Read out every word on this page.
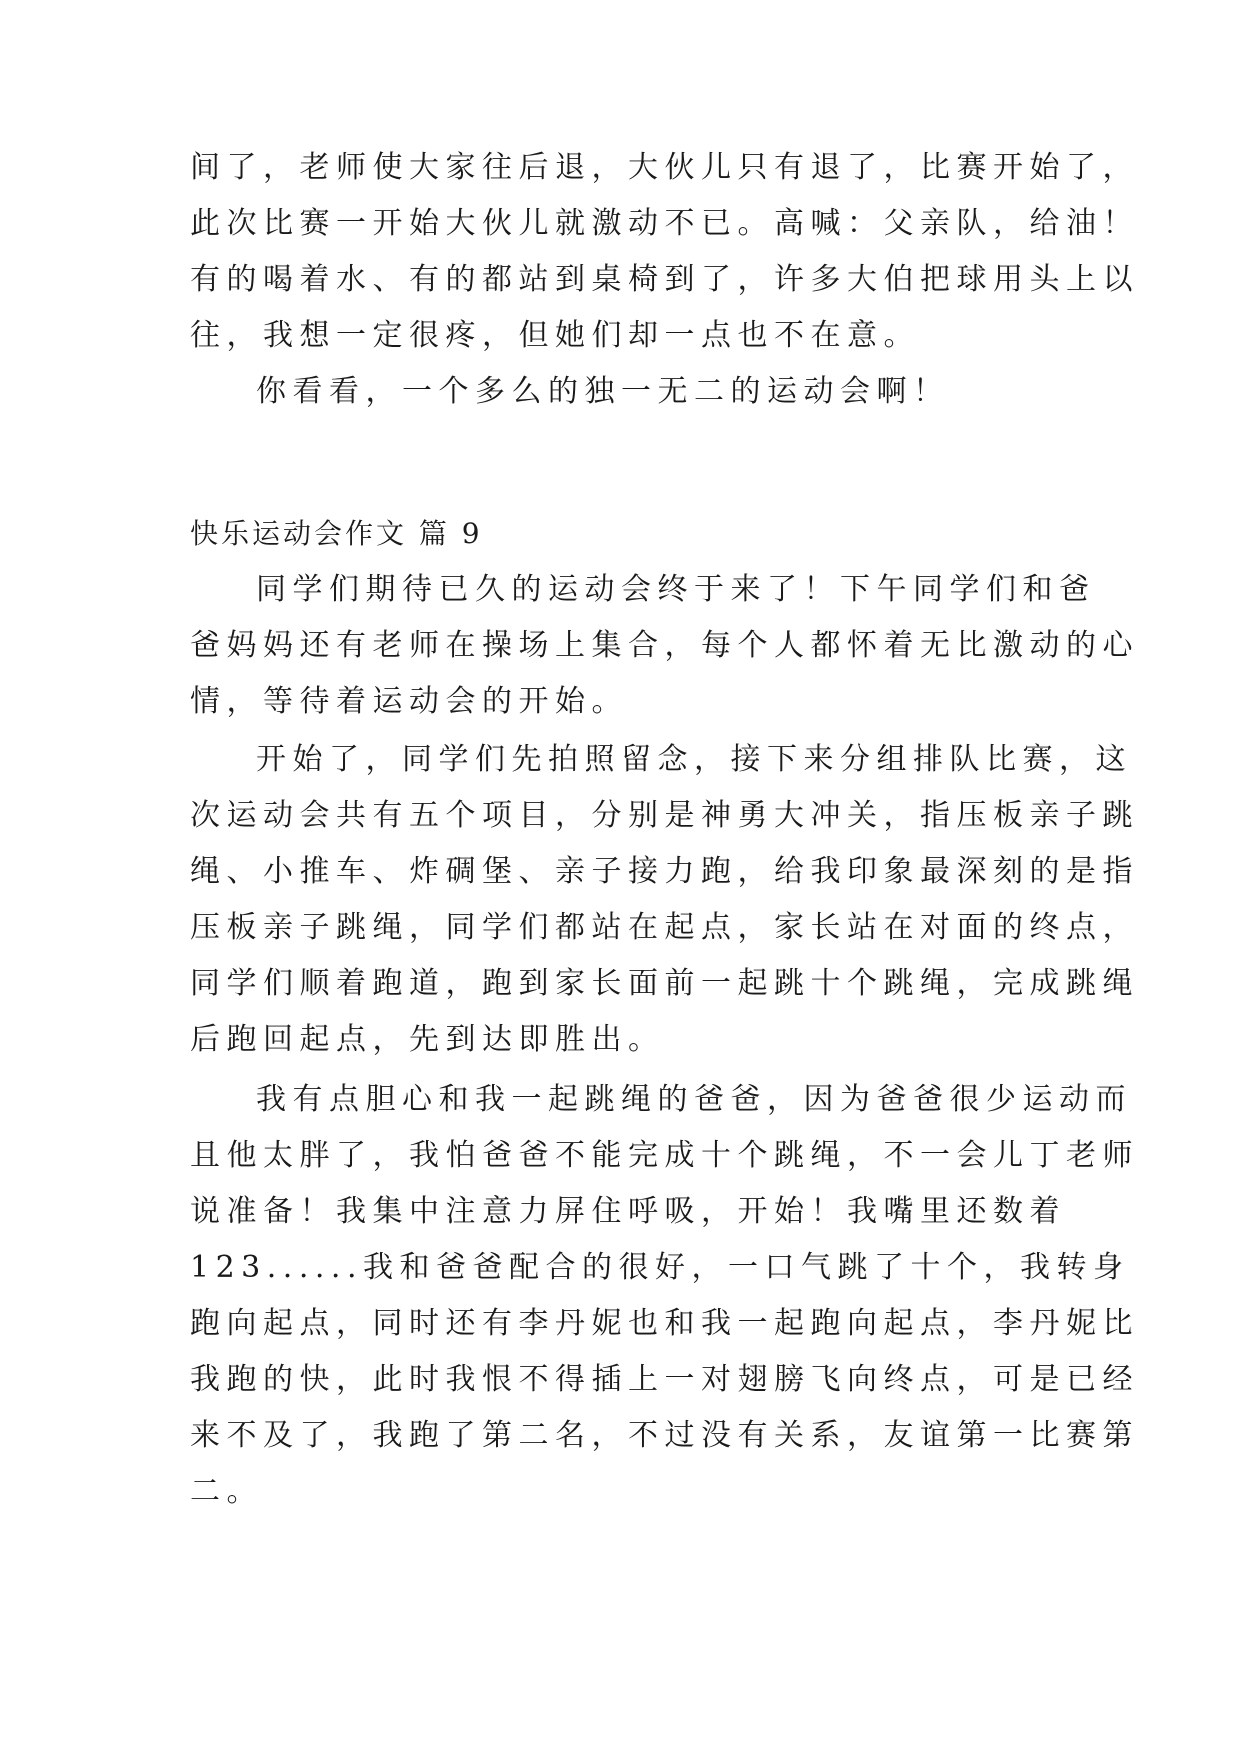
间了，老师使大家往后退，大伙儿只有退了，比赛开始了，
此次比赛一开始大伙儿就激动不已。高喊：父亲队，给油！
有的喝着水、有的都站到桌椅到了，许多大伯把球用头上以
往，我想一定很疼，但她们却一点也不在意。
你看看，一个多么的独一无二的运动会啊！
快乐运动会作文 篇 9
同学们期待已久的运动会终于来了！下午同学们和爸
爸妈妈还有老师在操场上集合，每个人都怀着无比激动的心
情，等待着运动会的开始。
开始了，同学们先拍照留念，接下来分组排队比赛，这
次运动会共有五个项目，分别是神勇大冲关，指压板亲子跳
绳、小推车、炸碉堡、亲子接力跑，给我印象最深刻的是指
压板亲子跳绳，同学们都站在起点，家长站在对面的终点，
同学们顺着跑道，跑到家长面前一起跳十个跳绳，完成跳绳
后跑回起点，先到达即胜出。
我有点胆心和我一起跳绳的爸爸，因为爸爸很少运动而
且他太胖了，我怕爸爸不能完成十个跳绳，不一会儿丁老师
说准备！我集中注意力屏住呼吸，开始！我嘴里还数着
123......我和爸爸配合的很好，一口气跳了十个，我转身
跑向起点，同时还有李丹妮也和我一起跑向起点，李丹妮比
我跑的快，此时我恨不得插上一对翅膀飞向终点，可是已经
来不及了，我跑了第二名，不过没有关系，友谊第一比赛第
二。
